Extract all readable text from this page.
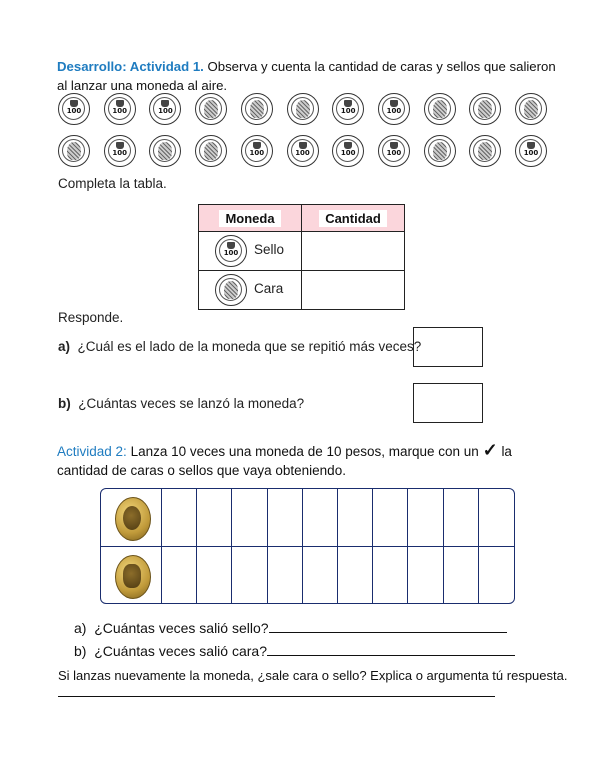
Desarrollo: Actividad 1. Observa y cuenta la cantidad de caras y sellos que salieron al lanzar una moneda al aire.
100	100	100	100	100
100	100	100	100	100	100
Completa la tabla.
Moneda	Cantidad

100 Sello	

Cara	

Responde.
a) ¿Cuál es el lado de la moneda que se repitió más veces?
b) ¿Cuántas veces se lanzó la moneda?
Actividad 2: Lanza 10 veces una moneda de 10 pesos, marque con un ✓ la cantidad de caras o sellos que vaya obteniendo.
a) ¿Cuántas veces salió sello?
b) ¿Cuántas veces salió cara?
Si lanzas nuevamente la moneda, ¿sale cara o sello? Explica o argumenta tú respuesta.
